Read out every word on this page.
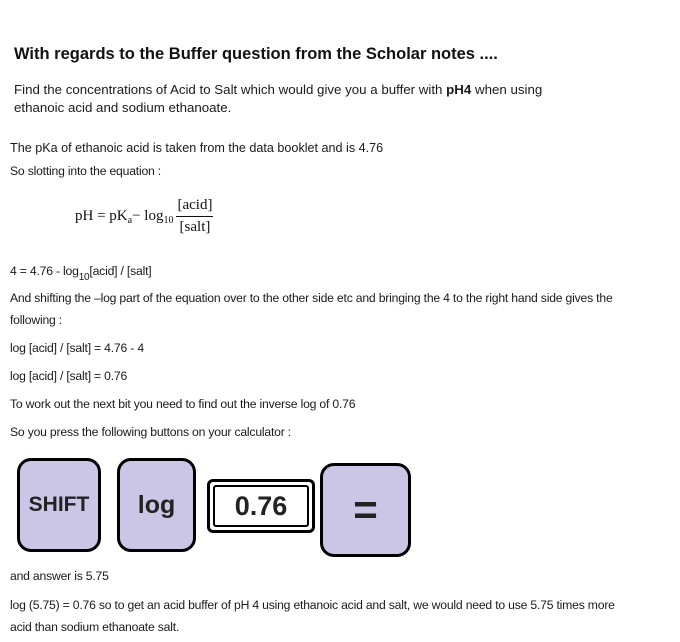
With regards to the Buffer question from the Scholar notes ....
Find the concentrations of Acid to Salt which would give you a buffer with pH4 when using
ethanoic acid and sodium ethanoate.
The pKa of ethanoic acid is taken from the data booklet and is 4.76
So slotting into the equation :
pH = pK $a - \log 10 \frac{\text{[acid]}}{\text{[salt]}}$
$4 = 4.76 - \log_{10}[acid]$ / [salt]
And shifting the –log part of the equation over to the other side etc and bringing the 4 to the right hand side gives the
following :
log [acid] / [salt] = 4.76 - 4
log [acid] / [salt] = 0.76
To work out the next bit you need to find out the inverse log of 0.76
So you press the following buttons on your calculator :
SHIFT	log	0.76	=
and answer is 5.75
log (5.75) = 0.76 so to get an acid buffer of pH 4 using ethanoic acid and salt, we would need to use 5.75 times more
acid than sodium ethanoate salt.
